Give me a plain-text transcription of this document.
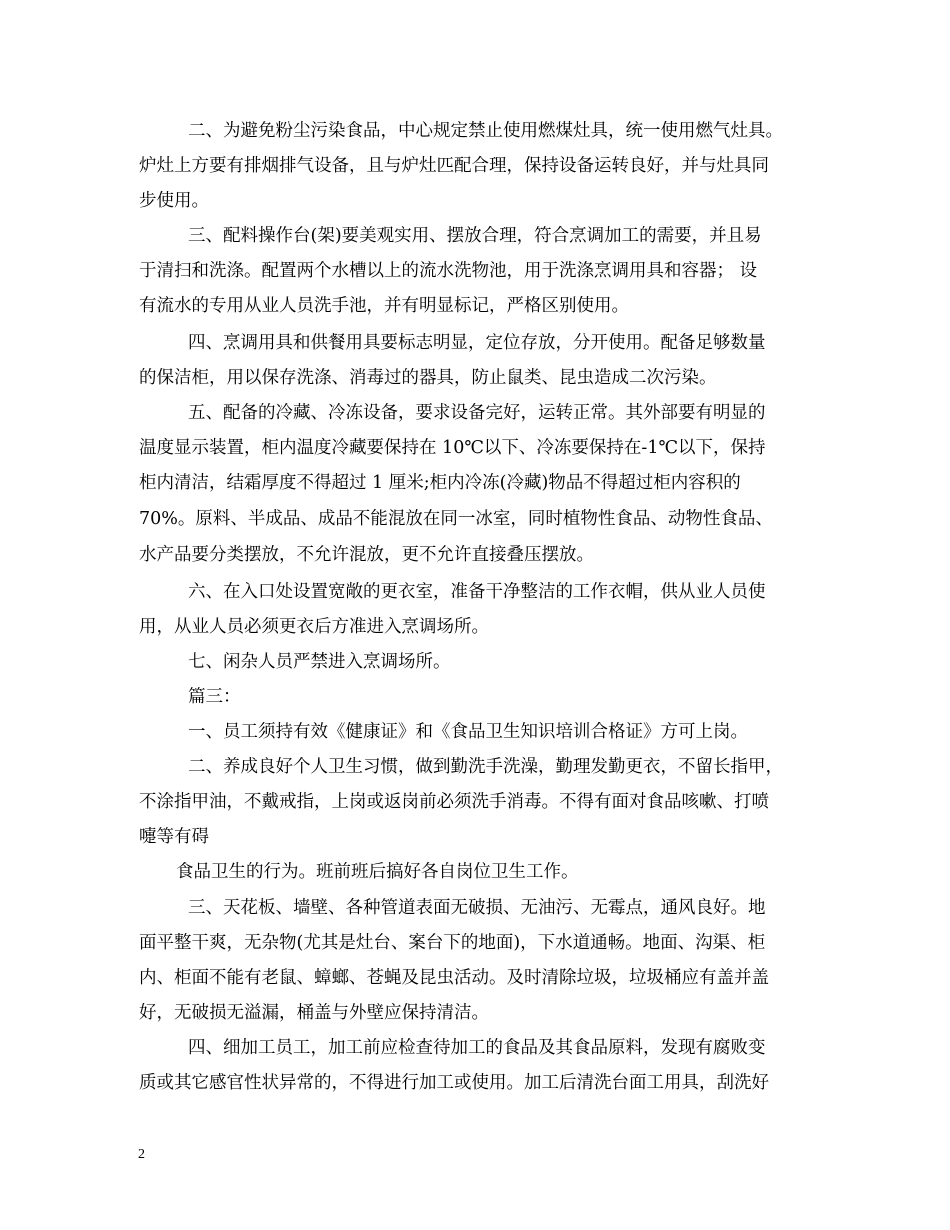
二、为避免粉尘污染食品，中心规定禁止使用燃煤灶具，统一使用燃气灶具。
炉灶上方要有排烟排气设备，且与炉灶匹配合理，保持设备运转良好，并与灶具同
步使用。
三、配料操作台(架)要美观实用、摆放合理，符合烹调加工的需要，并且易
于清扫和洗涤。配置两个水槽以上的流水洗物池，用于洗涤烹调用具和容器； 设
有流水的专用从业人员洗手池，并有明显标记，严格区别使用。
四、烹调用具和供餐用具要标志明显，定位存放，分开使用。配备足够数量
的保洁柜，用以保存洗涤、消毒过的器具，防止鼠类、昆虫造成二次污染。
五、配备的冷藏、冷冻设备，要求设备完好，运转正常。其外部要有明显的
温度显示装置，柜内温度冷藏要保持在 10℃以下、冷冻要保持在-1℃以下，保持
柜内清洁，结霜厚度不得超过 1 厘米;柜内冷冻(冷藏)物品不得超过柜内容积的
70%。原料、半成品、成品不能混放在同一冰室，同时植物性食品、动物性食品、
水产品要分类摆放，不允许混放，更不允许直接叠压摆放。
六、在入口处设置宽敞的更衣室，准备干净整洁的工作衣帽，供从业人员使
用，从业人员必须更衣后方准进入烹调场所。
七、闲杂人员严禁进入烹调场所。
篇三：
一、员工须持有效《健康证》和《食品卫生知识培训合格证》方可上岗。
二、养成良好个人卫生习惯，做到勤洗手洗澡，勤理发勤更衣，不留长指甲，
不涂指甲油，不戴戒指，上岗或返岗前必须洗手消毒。不得有面对食品咳嗽、打喷
嚏等有碍
食品卫生的行为。班前班后搞好各自岗位卫生工作。
三、天花板、墙壁、各种管道表面无破损、无油污、无霉点，通风良好。地
面平整干爽，无杂物(尤其是灶台、案台下的地面)，下水道通畅。地面、沟渠、柜
内、柜面不能有老鼠、蟑螂、苍蝇及昆虫活动。及时清除垃圾，垃圾桶应有盖并盖
好，无破损无溢漏，桶盖与外壁应保持清洁。
四、细加工员工，加工前应检查待加工的食品及其食品原料，发现有腐败变
质或其它感官性状异常的，不得进行加工或使用。加工后清洗台面工用具，刮洗好
2
